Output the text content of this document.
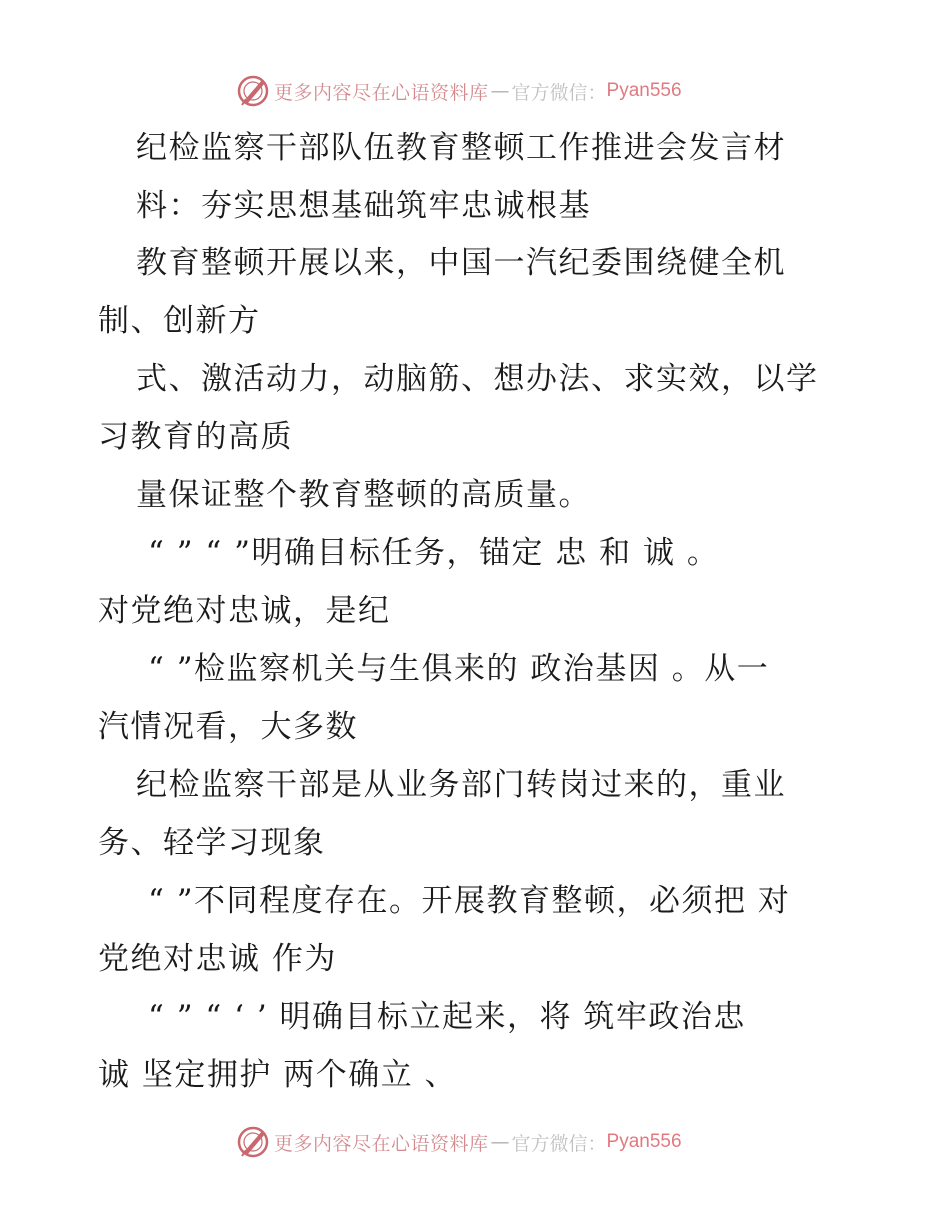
更多内容尽在心语资料库 — 官方微信： Pyan556
纪检监察干部队伍教育整顿工作推进会发言材
料：夯实思想基础筑牢忠诚根基
教育整顿开展以来，中国一汽纪委围绕健全机
制、创新方
式、激活动力，动脑筋、想办法、求实效，以学
习教育的高质
量保证整个教育整顿的高质量。
“ ” “ ”明确目标任务，锚定 忠 和 诚 。
对党绝对忠诚，是纪
“ ”检监察机关与生俱来的 政治基因 。从一
汽情况看，大多数
纪检监察干部是从业务部门转岗过来的，重业
务、轻学习现象
“ ”不同程度存在。开展教育整顿，必须把 对
党绝对忠诚 作为
“ ” “ ‘ ’ 明确目标立起来，将 筑牢政治忠
诚 坚定拥护 两个确立 、
更多内容尽在心语资料库 — 官方微信： Pyan556
